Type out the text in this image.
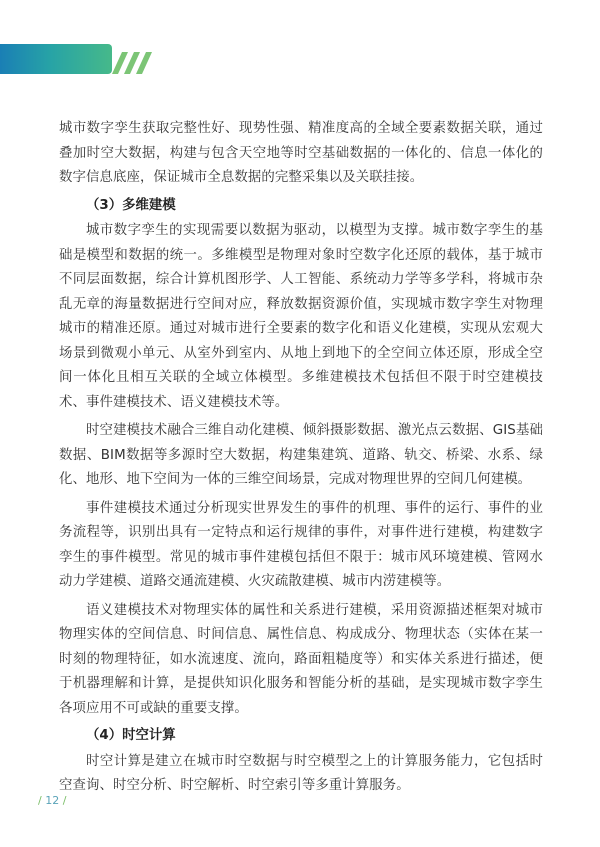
城市数字孪生获取完整性好、现势性强、精准度高的全域全要素数据关联，通过叠加时空大数据，构建与包含天空地等时空基础数据的一体化的、信息一体化的数字信息底座，保证城市全息数据的完整采集以及关联挂接。

（3）多维建模

城市数字孪生的实现需要以数据为驱动，以模型为支撑。城市数字孪生的基础是模型和数据的统一。多维模型是物理对象时空数字化还原的载体，基于城市不同层面数据，综合计算机图形学、人工智能、系统动力学等多学科，将城市杂乱无章的海量数据进行空间对应，释放数据资源价值，实现城市数字孪生对物理城市的精准还原。通过对城市进行全要素的数字化和语义化建模，实现从宏观大场景到微观小单元、从室外到室内、从地上到地下的全空间立体还原，形成全空间一体化且相互关联的全域立体模型。多维建模技术包括但不限于时空建模技术、事件建模技术、语义建模技术等。

时空建模技术融合三维自动化建模、倾斜摄影数据、激光点云数据、GIS基础数据、BIM数据等多源时空大数据，构建集建筑、道路、轨交、桥梁、水系、绿化、地形、地下空间为一体的三维空间场景，完成对物理世界的空间几何建模。

事件建模技术通过分析现实世界发生的事件的机理、事件的运行、事件的业务流程等，识别出具有一定特点和运行规律的事件，对事件进行建模，构建数字孪生的事件模型。常见的城市事件建模包括但不限于：城市风环境建模、管网水动力学建模、道路交通流建模、火灾疏散建模、城市内涝建模等。

语义建模技术对物理实体的属性和关系进行建模，采用资源描述框架对城市物理实体的空间信息、时间信息、属性信息、构成成分、物理状态（实体在某一时刻的物理特征，如水流速度、流向，路面粗糙度等）和实体关系进行描述，便于机器理解和计算，是提供知识化服务和智能分析的基础，是实现城市数字孪生各项应用不可或缺的重要支撑。

（4）时空计算

时空计算是建立在城市时空数据与时空模型之上的计算服务能力，它包括时空查询、时空分析、时空解析、时空索引等多重计算服务。

/ 12 /
